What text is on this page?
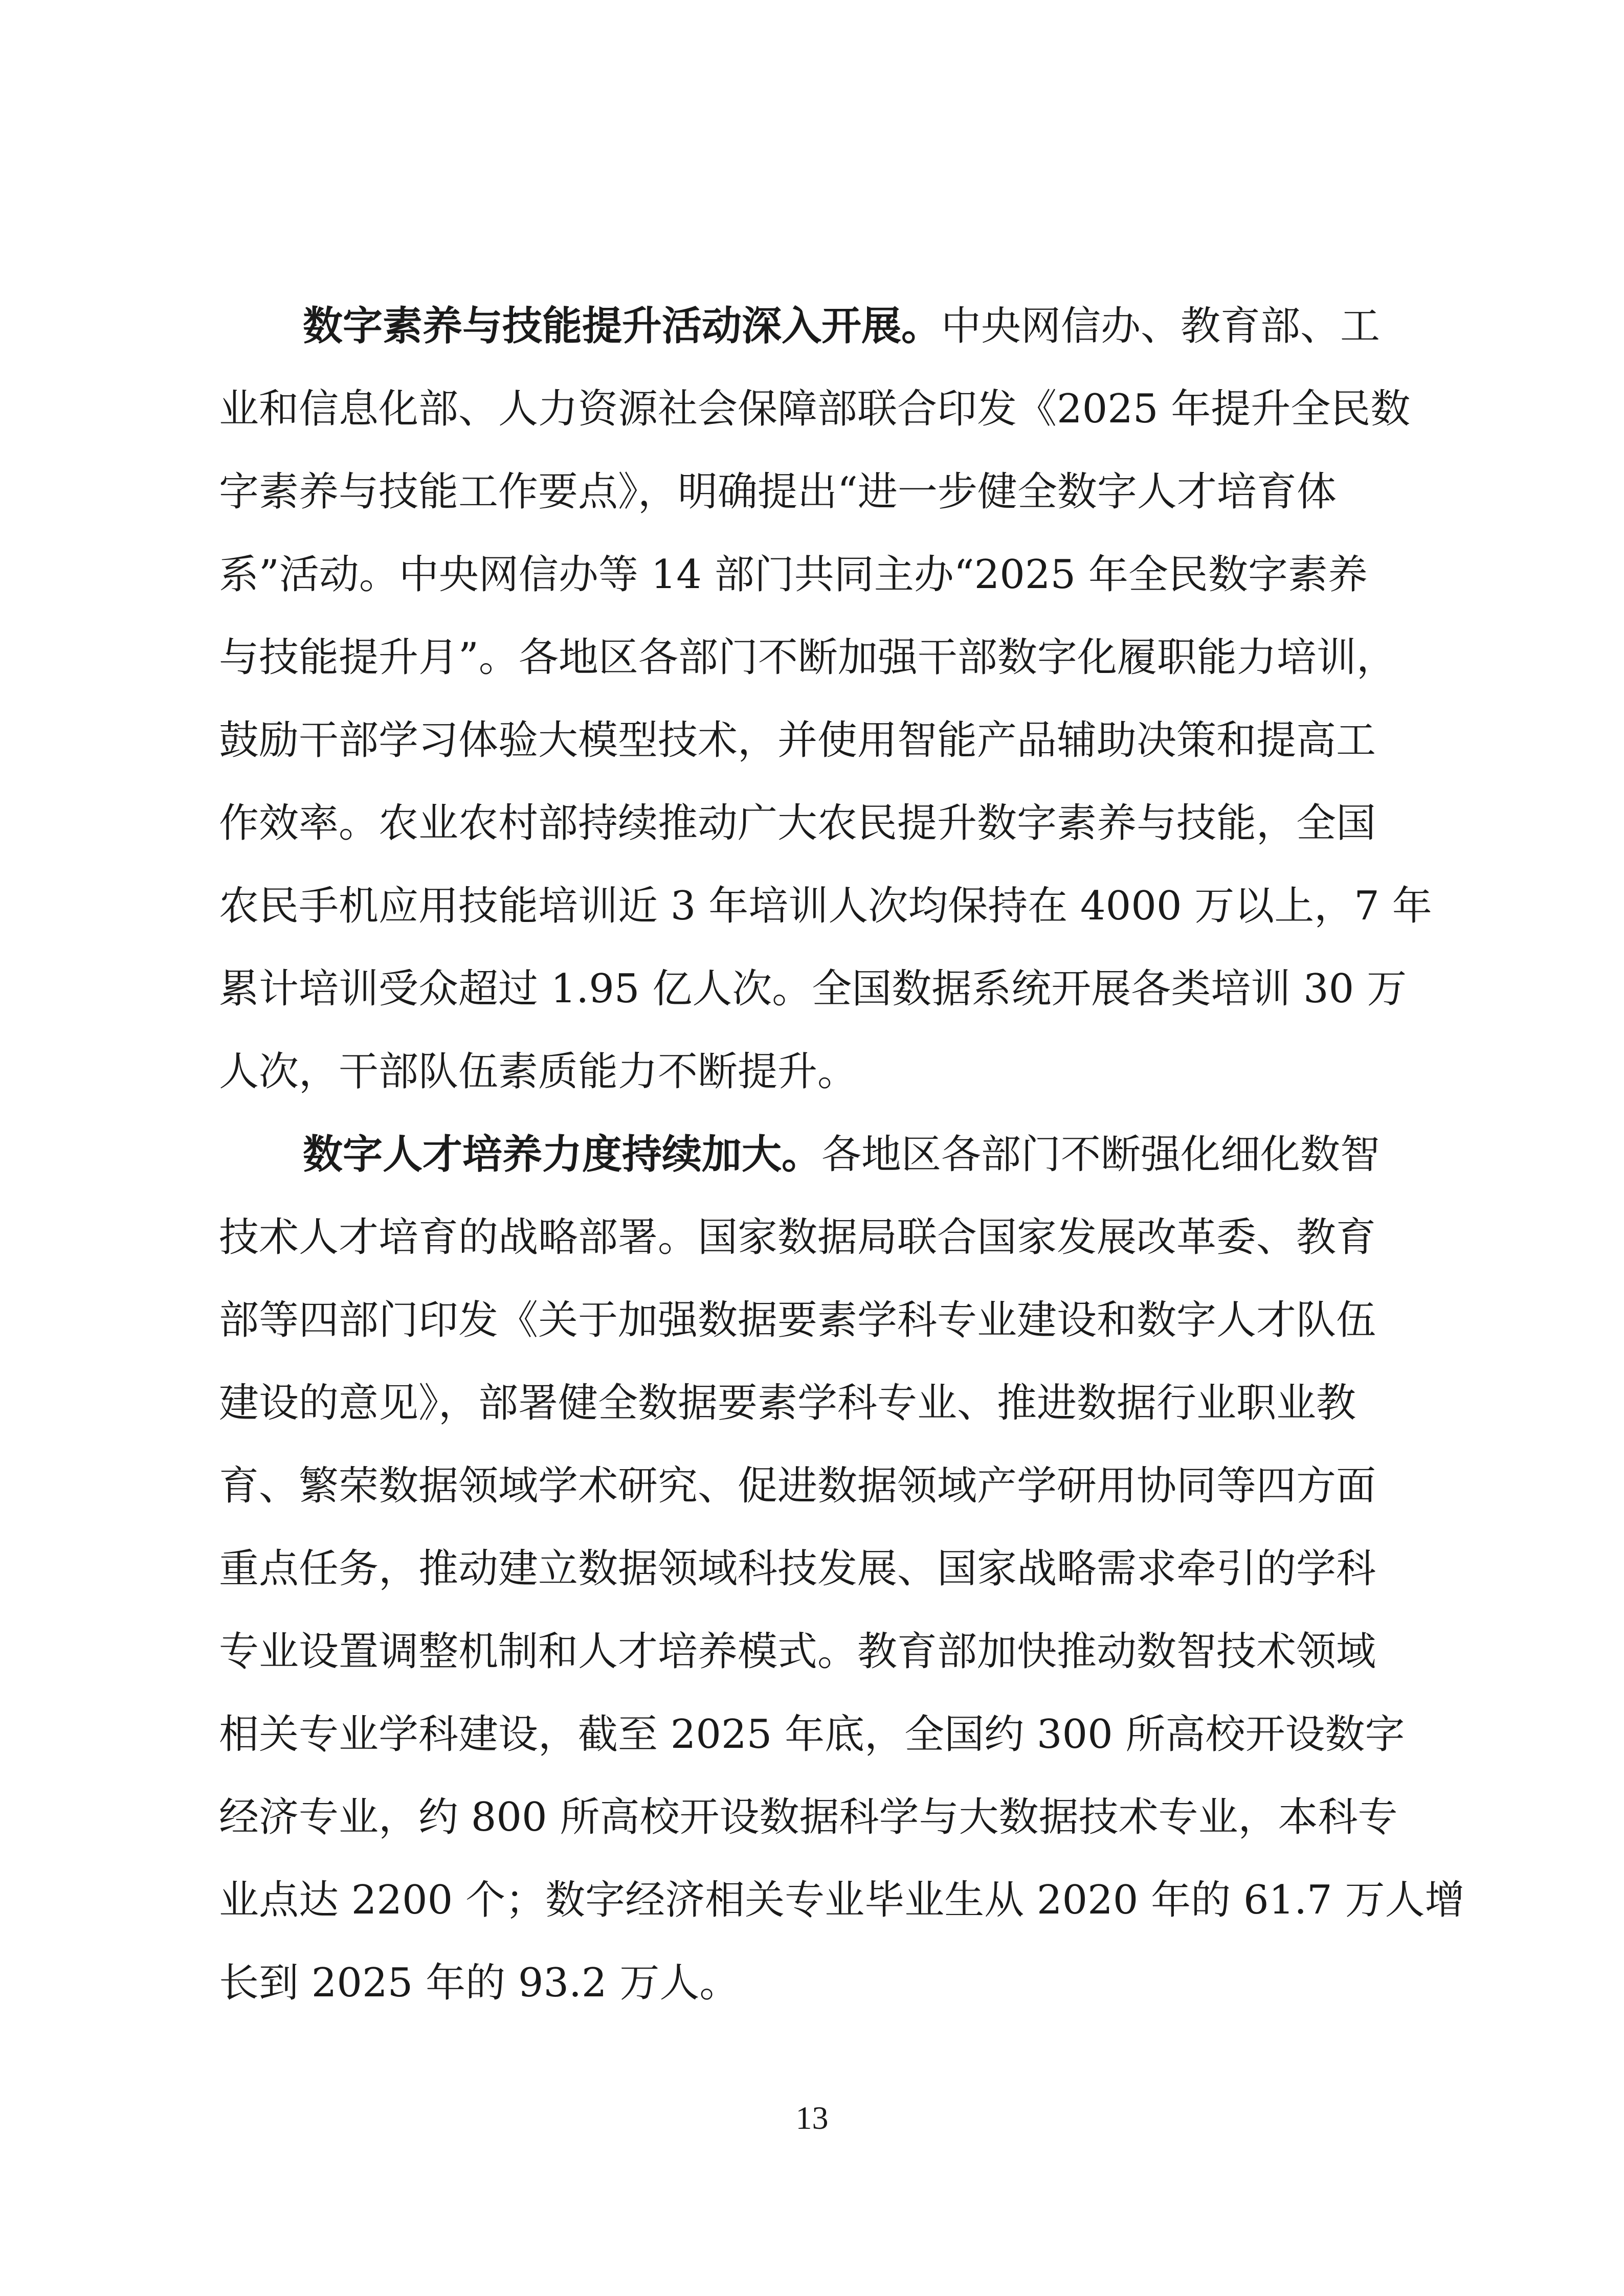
数字素养与技能提升活动深入开展。中央网信办、教育部、工
业和信息化部、人力资源社会保障部联合印发《2025 年提升全民数
字素养与技能工作要点》，明确提出“进一步健全数字人才培育体
系”活动。中央网信办等 14 部门共同主办“2025 年全民数字素养
与技能提升月”。各地区各部门不断加强干部数字化履职能力培训，
鼓励干部学习体验大模型技术，并使用智能产品辅助决策和提高工
作效率。农业农村部持续推动广大农民提升数字素养与技能，全国
农民手机应用技能培训近 3 年培训人次均保持在 4000 万以上，7 年
累计培训受众超过 1.95 亿人次。全国数据系统开展各类培训 30 万
人次，干部队伍素质能力不断提升。
数字人才培养力度持续加大。各地区各部门不断强化细化数智
技术人才培育的战略部署。国家数据局联合国家发展改革委、教育
部等四部门印发《关于加强数据要素学科专业建设和数字人才队伍
建设的意见》，部署健全数据要素学科专业、推进数据行业职业教
育、繁荣数据领域学术研究、促进数据领域产学研用协同等四方面
重点任务，推动建立数据领域科技发展、国家战略需求牵引的学科
专业设置调整机制和人才培养模式。教育部加快推动数智技术领域
相关专业学科建设，截至 2025 年底，全国约 300 所高校开设数字
经济专业，约 800 所高校开设数据科学与大数据技术专业，本科专
业点达 2200 个；数字经济相关专业毕业生从 2020 年的 61.7 万人增
长到 2025 年的 93.2 万人。
13
